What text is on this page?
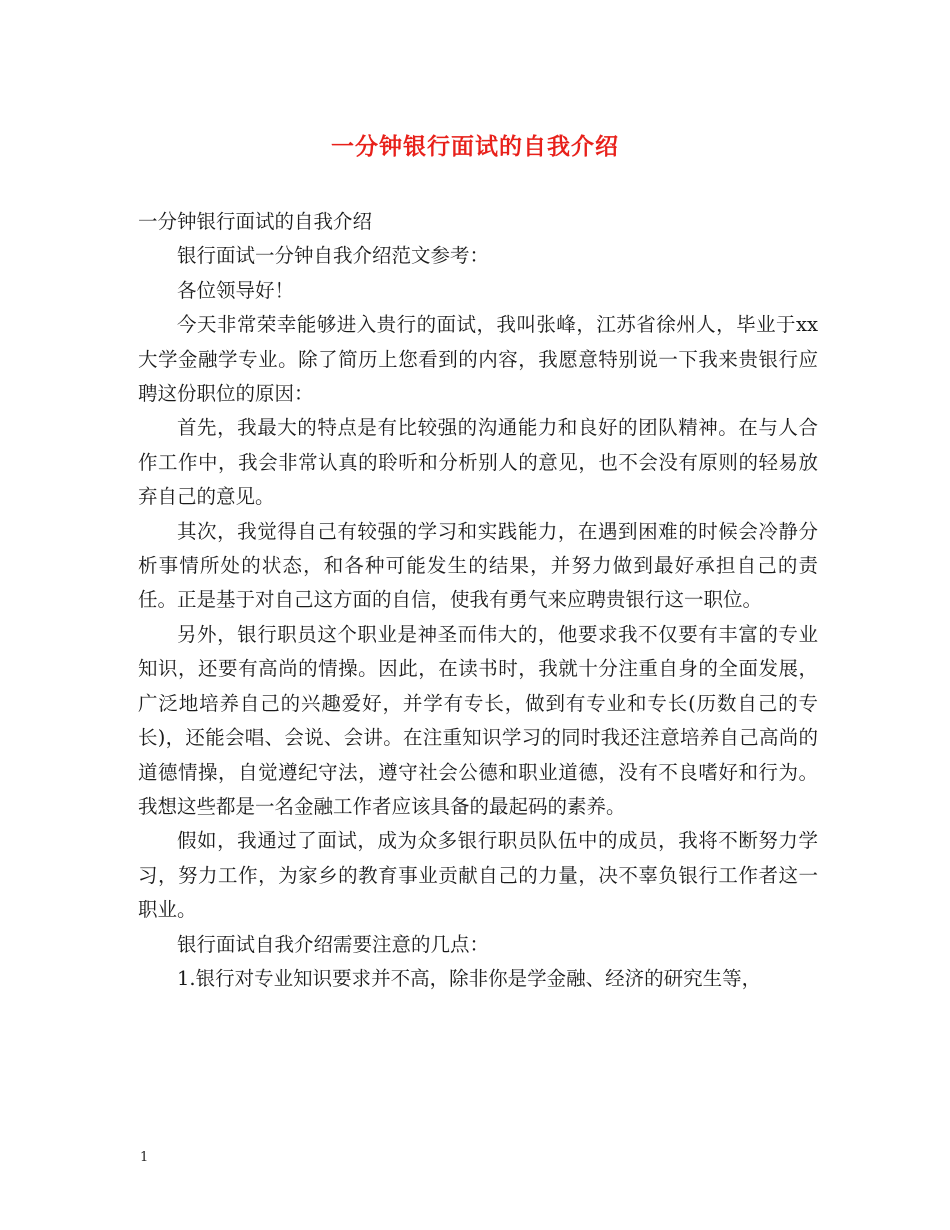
一分钟银行面试的自我介绍

一分钟银行面试的自我介绍

银行面试一分钟自我介绍范文参考：

各位领导好！

今天非常荣幸能够进入贵行的面试，我叫张峰，江苏省徐州人，毕业于xx大学金融学专业。除了简历上您看到的内容，我愿意特别说一下我来贵银行应聘这份职位的原因：

首先，我最大的特点是有比较强的沟通能力和良好的团队精神。在与人合作工作中，我会非常认真的聆听和分析别人的意见，也不会没有原则的轻易放弃自己的意见。

其次，我觉得自己有较强的学习和实践能力，在遇到困难的时候会冷静分析事情所处的状态，和各种可能发生的结果，并努力做到最好承担自己的责任。正是基于对自己这方面的自信，使我有勇气来应聘贵银行这一职位。

另外，银行职员这个职业是神圣而伟大的，他要求我不仅要有丰富的专业知识，还要有高尚的情操。因此，在读书时，我就十分注重自身的全面发展，广泛地培养自己的兴趣爱好，并学有专长，做到有专业和专长(历数自己的专长)，还能会唱、会说、会讲。在注重知识学习的同时我还注意培养自己高尚的道德情操，自觉遵纪守法，遵守社会公德和职业道德，没有不良嗜好和行为。我想这些都是一名金融工作者应该具备的最起码的素养。

假如，我通过了面试，成为众多银行职员队伍中的成员，我将不断努力学习，努力工作，为家乡的教育事业贡献自己的力量，决不辜负银行工作者这一职业。

银行面试自我介绍需要注意的几点：

1.银行对专业知识要求并不高，除非你是学金融、经济的研究生等，

1
